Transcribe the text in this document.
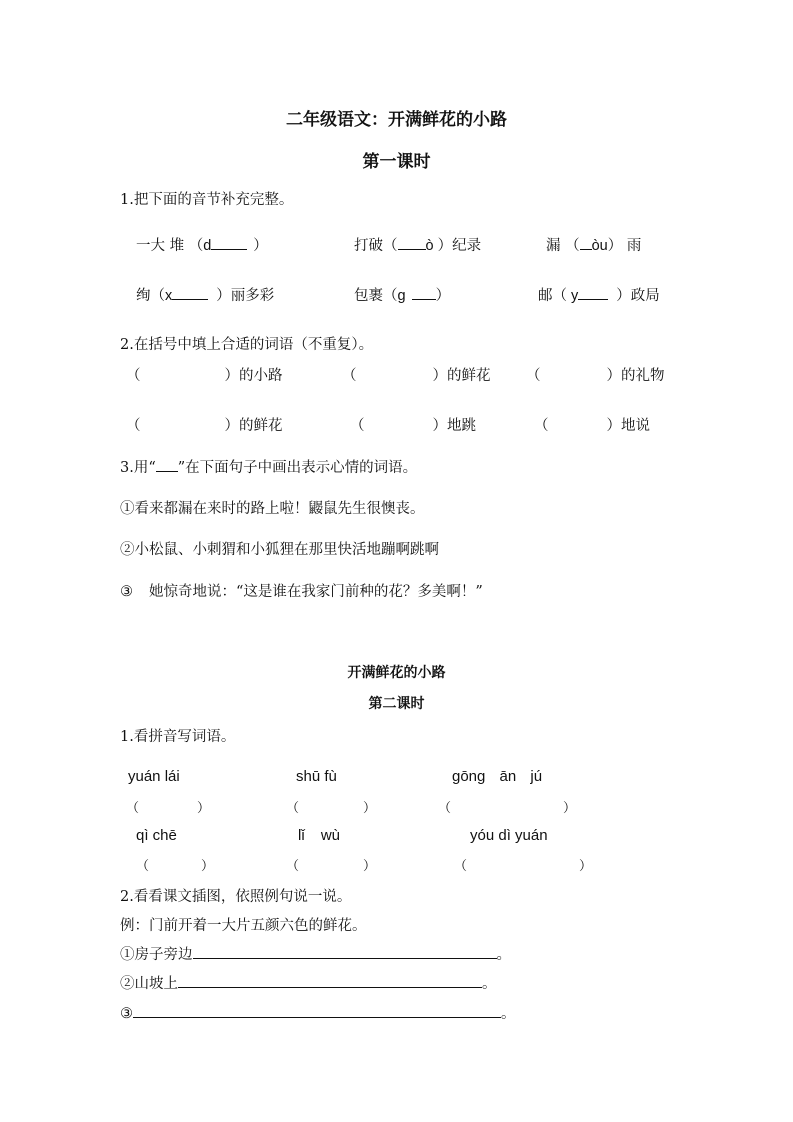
二年级语文：开满鲜花的小路
第一课时
1.把下面的音节补充完整。
一大 堆 （d	）	打破（ ò ）纪录	漏 （ òu） 雨
绚（x	）丽多彩	包裹（g ）	邮（ y	）政局
2.在括号中填上合适的词语（不重复）。
（	）的小路	（	）的鲜花 （	）的礼物
（	）的鲜花	（	）地跳	（	）地说
3.用“ ”在下面句子中画出表示心情的词语。
①看来都漏在来时的路上啦！鼹鼠先生很懊丧。
②小松鼠、小刺猬和小狐狸在那里快活地蹦啊跳啊
③ 她惊奇地说：“这是谁在我家门前种的花？多美啊！”
开满鲜花的小路
第二课时
1.看拼音写词语。
yuán lái	shū fù	gōng ān jú
（	）	（	）	（	）
qì chē	lǐ wù	yóu dì yuán
（	）	（	）	（	）
2.看看课文插图，依照例句说一说。
例：门前开着一大片五颜六色的鲜花。
①房子旁边	。
②山坡上	。
③	。
